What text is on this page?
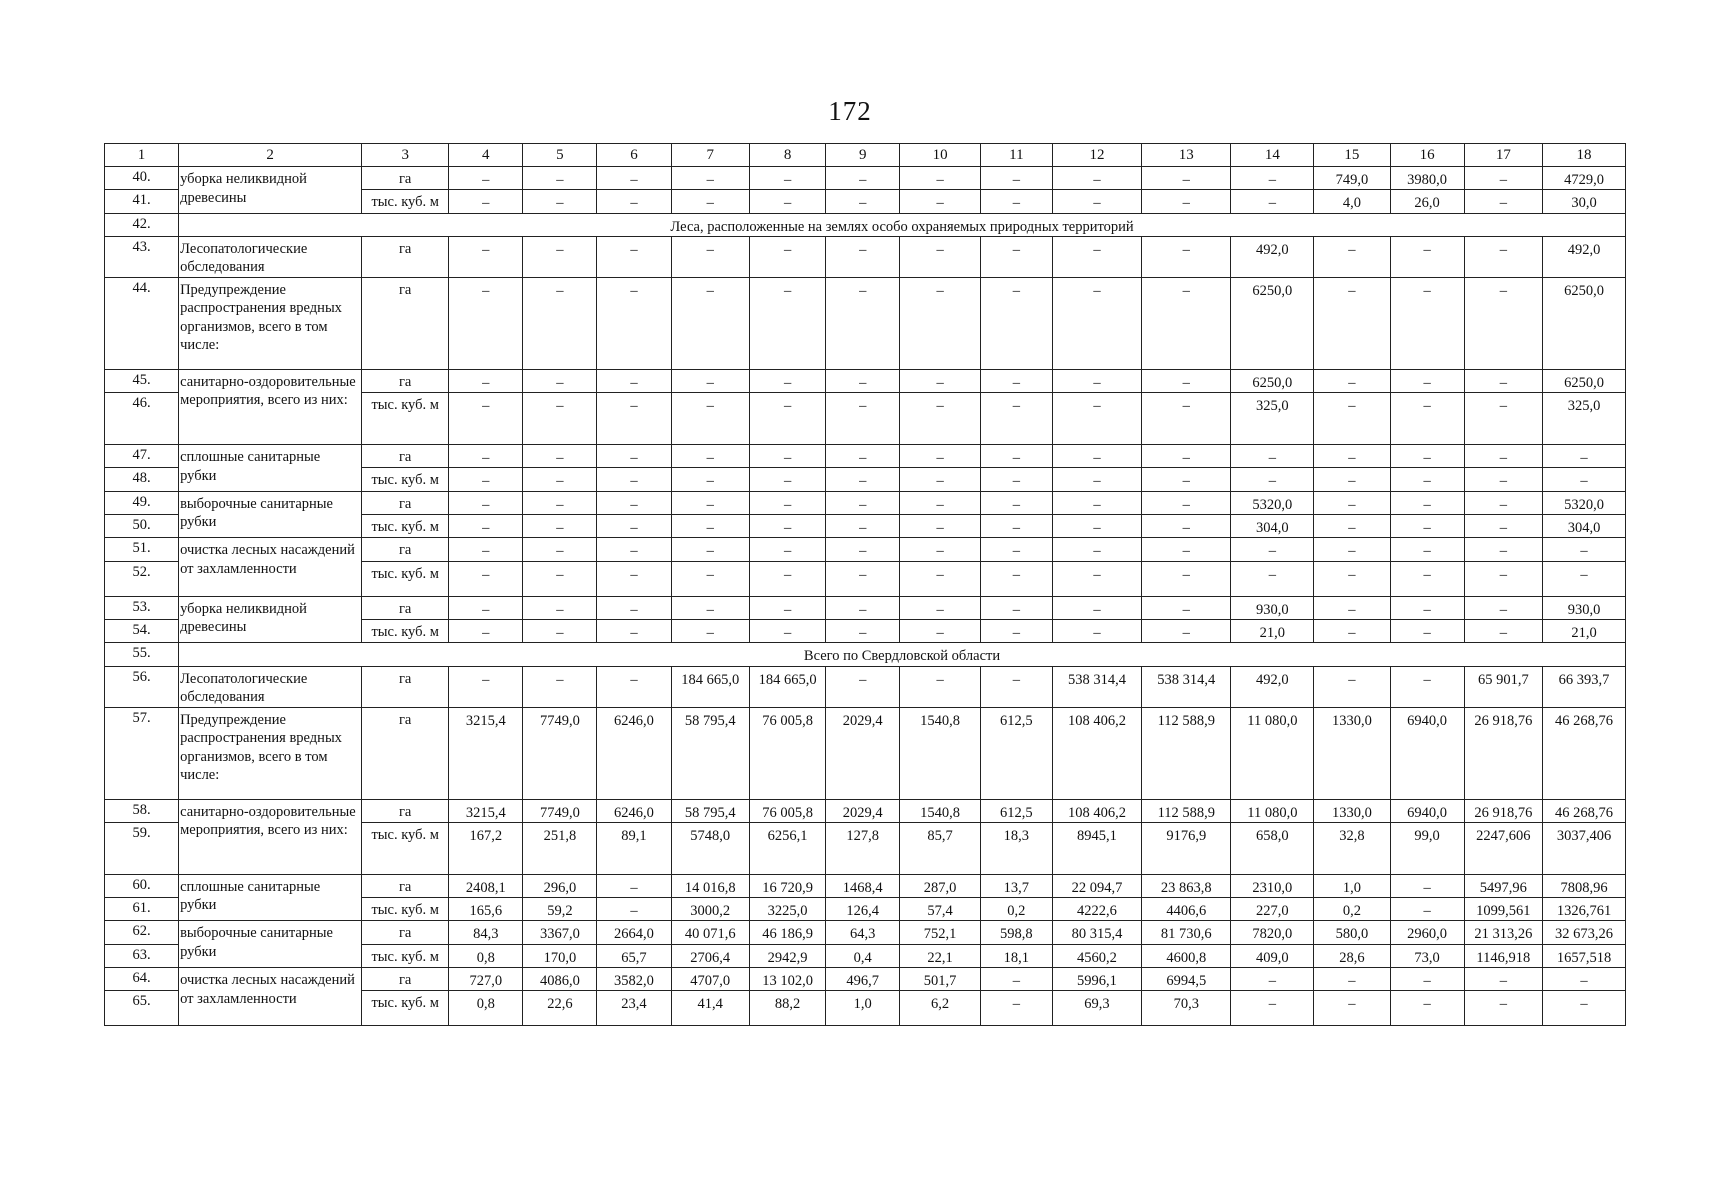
172
1	2	3	4	5	6	7	8	9	10	11	12	13	14	15	16	17	18
40.	уборка неликвидной древесины	га	–	–	–	–	–	–	–	–	–	–	–	749,0	3980,0	–	4729,0
41.		тыс. куб. м	–	–	–	–	–	–	–	–	–	–	–	4,0	26,0	–	30,0
42.	Леса, расположенные на землях особо охраняемых природных территорий																
43.	Лесопатологические обследования	га	–	–	–	–	–	–	–	–	–	–	492,0	–	–	–	492,0
44.	Предупреждение распространения вредных организмов, всего в том числе:	га	–	–	–	–	–	–	–	–	–	–	6250,0	–	–	–	6250,0
45.	санитарно-оздоровительные мероприятия, всего из них:	га	–	–	–	–	–	–	–	–	–	–	6250,0	–	–	–	6250,0
46.		тыс. куб. м	–	–	–	–	–	–	–	–	–	–	325,0	–	–	–	325,0
47.	сплошные санитарные рубки	га	–	–	–	–	–	–	–	–	–	–	–	–	–	–	–
48.		тыс. куб. м	–	–	–	–	–	–	–	–	–	–	–	–	–	–	–
49.	выборочные санитарные рубки	га	–	–	–	–	–	–	–	–	–	–	5320,0	–	–	–	5320,0
50.		тыс. куб. м	–	–	–	–	–	–	–	–	–	–	304,0	–	–	–	304,0
51.	очистка лесных насаждений от захламленности	га	–	–	–	–	–	–	–	–	–	–	–	–	–	–	–
52.		тыс. куб. м	–	–	–	–	–	–	–	–	–	–	–	–	–	–	–
53.	уборка неликвидной древесины	га	–	–	–	–	–	–	–	–	–	–	930,0	–	–	–	930,0
54.		тыс. куб. м	–	–	–	–	–	–	–	–	–	–	21,0	–	–	–	21,0
55.	Всего по Свердловской области																
56.	Лесопатологические обследования	га	–	–	–	184 665,0	184 665,0	–	–	–	538 314,4	538 314,4	492,0	–	–	65 901,7	66 393,7
57.	Предупреждение распространения вредных организмов, всего в том числе:	га	3215,4	7749,0	6246,0	58 795,4	76 005,8	2029,4	1540,8	612,5	108 406,2	112 588,9	11 080,0	1330,0	6940,0	26 918,76	46 268,76
58.	санитарно-оздоровительные мероприятия, всего из них:	га	3215,4	7749,0	6246,0	58 795,4	76 005,8	2029,4	1540,8	612,5	108 406,2	112 588,9	11 080,0	1330,0	6940,0	26 918,76	46 268,76
59.		тыс. куб. м	167,2	251,8	89,1	5748,0	6256,1	127,8	85,7	18,3	8945,1	9176,9	658,0	32,8	99,0	2247,606	3037,406
60.	сплошные санитарные рубки	га	2408,1	296,0	–	14 016,8	16 720,9	1468,4	287,0	13,7	22 094,7	23 863,8	2310,0	1,0	–	5497,96	7808,96
61.		тыс. куб. м	165,6	59,2	–	3000,2	3225,0	126,4	57,4	0,2	4222,6	4406,6	227,0	0,2	–	1099,561	1326,761
62.	выборочные санитарные рубки	га	84,3	3367,0	2664,0	40 071,6	46 186,9	64,3	752,1	598,8	80 315,4	81 730,6	7820,0	580,0	2960,0	21 313,26	32 673,26
63.		тыс. куб. м	0,8	170,0	65,7	2706,4	2942,9	0,4	22,1	18,1	4560,2	4600,8	409,0	28,6	73,0	1146,918	1657,518
64.	очистка лесных насаждений от захламленности	га	727,0	4086,0	3582,0	4707,0	13 102,0	496,7	501,7	–	5996,1	6994,5	–	–	–	–	–
65.		тыс. куб. м	0,8	22,6	23,4	41,4	88,2	1,0	6,2	–	69,3	70,3	–	–	–	–	–
